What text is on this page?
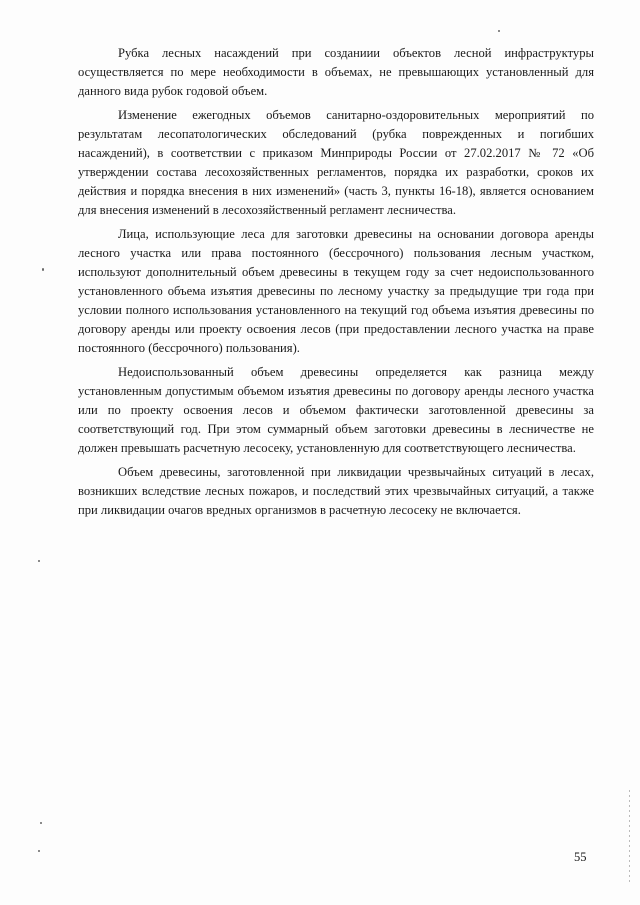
Рубка лесных насаждений при созданиии объектов лесной инфраструктуры осуществляется по мере необходимости в объемах, не превышающих установленный для данного вида рубок годовой объем.

Изменение ежегодных объемов санитарно-оздоровительных мероприятий по результатам лесопатологических обследований (рубка поврежденных и погибших насаждений), в соответствии с приказом Минприроды России от 27.02.2017 № 72 «Об утверждении состава лесохозяйственных регламентов, порядка их разработки, сроков их действия и порядка внесения в них изменений» (часть 3, пункты 16-18), является основанием для внесения изменений в лесохозяйственный регламент лесничества.

Лица, использующие леса для заготовки древесины на основании договора аренды лесного участка или права постоянного (бессрочного) пользования лесным участком, используют дополнительный объем древесины в текущем году за счет недоиспользованного установленного объема изъятия древесины по лесному участку за предыдущие три года при условии полного использования установленного на текущий год объема изъятия древесины по договору аренды или проекту освоения лесов (при предоставлении лесного участка на праве постоянного (бессрочного) пользования).

Недоиспользованный объем древесины определяется как разница между установленным допустимым объемом изъятия древесины по договору аренды лесного участка или по проекту освоения лесов и объемом фактически заготовленной древесины за соответствующий год. При этом суммарный объем заготовки древесины в лесничестве не должен превышать расчетную лесосеку, установленную для соответствующего лесничества.

Объем древесины, заготовленной при ликвидации чрезвычайных ситуаций в лесах, возникших вследствие лесных пожаров, и последствий этих чрезвычайных ситуаций, а также при ликвидации очагов вредных организмов в расчетную лесосеку не включается.

55
